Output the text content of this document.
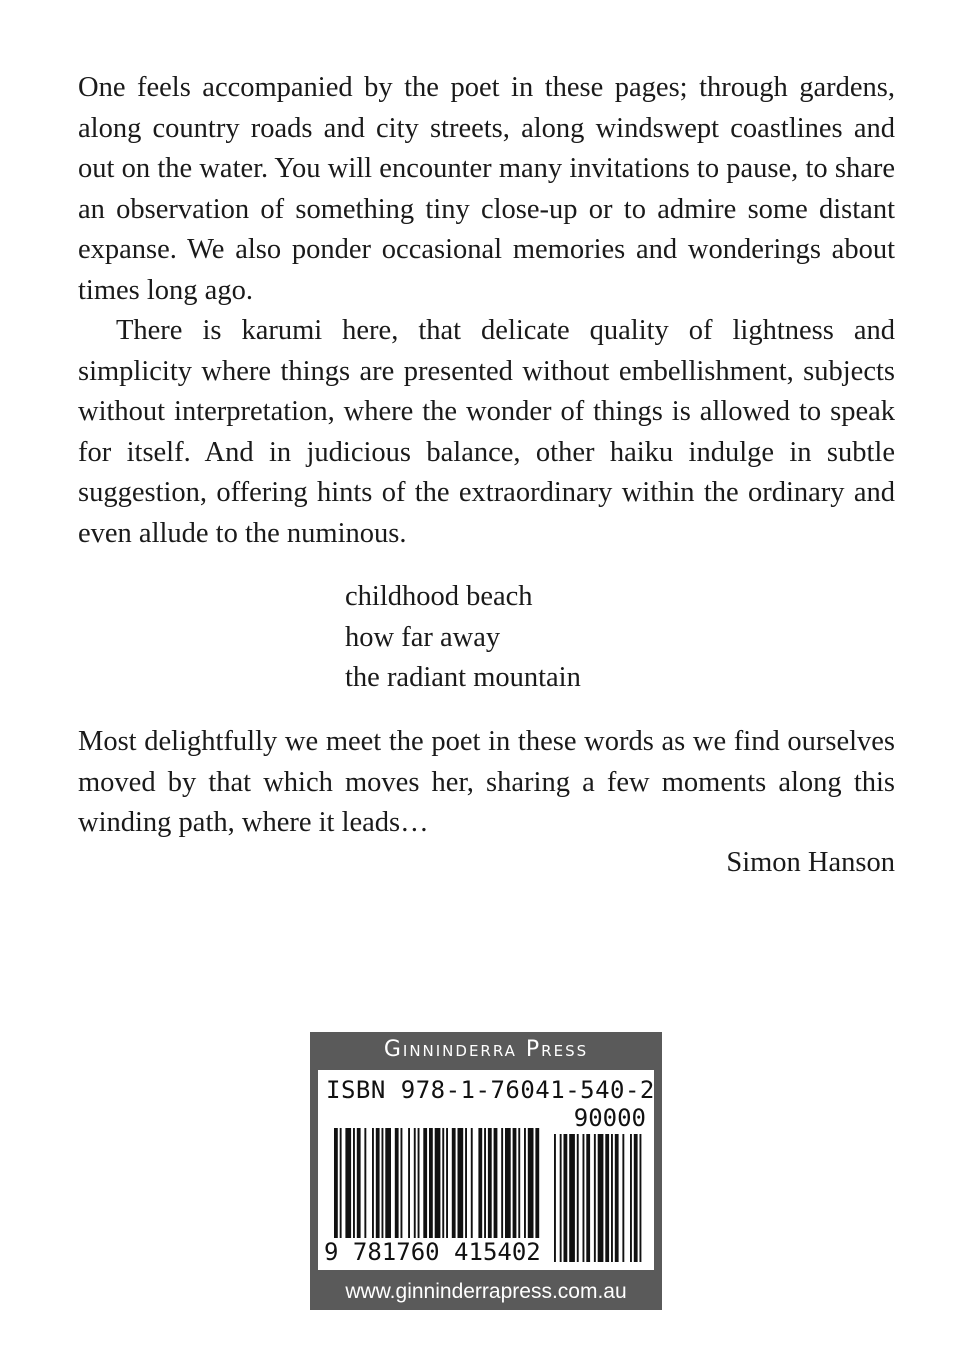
One feels accompanied by the poet in these pages; through gardens, along country roads and city streets, along windswept coastlines and out on the water. You will encounter many invitations to pause, to share an observation of something tiny close-up or to admire some distant expanse. We also ponder occasional memories and wonderings about times long ago.

There is karumi here, that delicate quality of lightness and simplicity where things are presented without embellishment, subjects without interpretation, where the wonder of things is allowed to speak for itself. And in judicious balance, other haiku indulge in subtle suggestion, offering hints of the extraordinary within the ordinary and even allude to the numinous.

childhood beach
how far away
the radiant mountain

Most delightfully we meet the poet in these words as we find ourselves moved by that which moves her, sharing a few moments along this winding path, where it leads…

Simon Hanson
Ginninderra Press
ISBN 978-1-76041-540-2
90000
9 781760 415402
www.ginninderrapress.com.au
